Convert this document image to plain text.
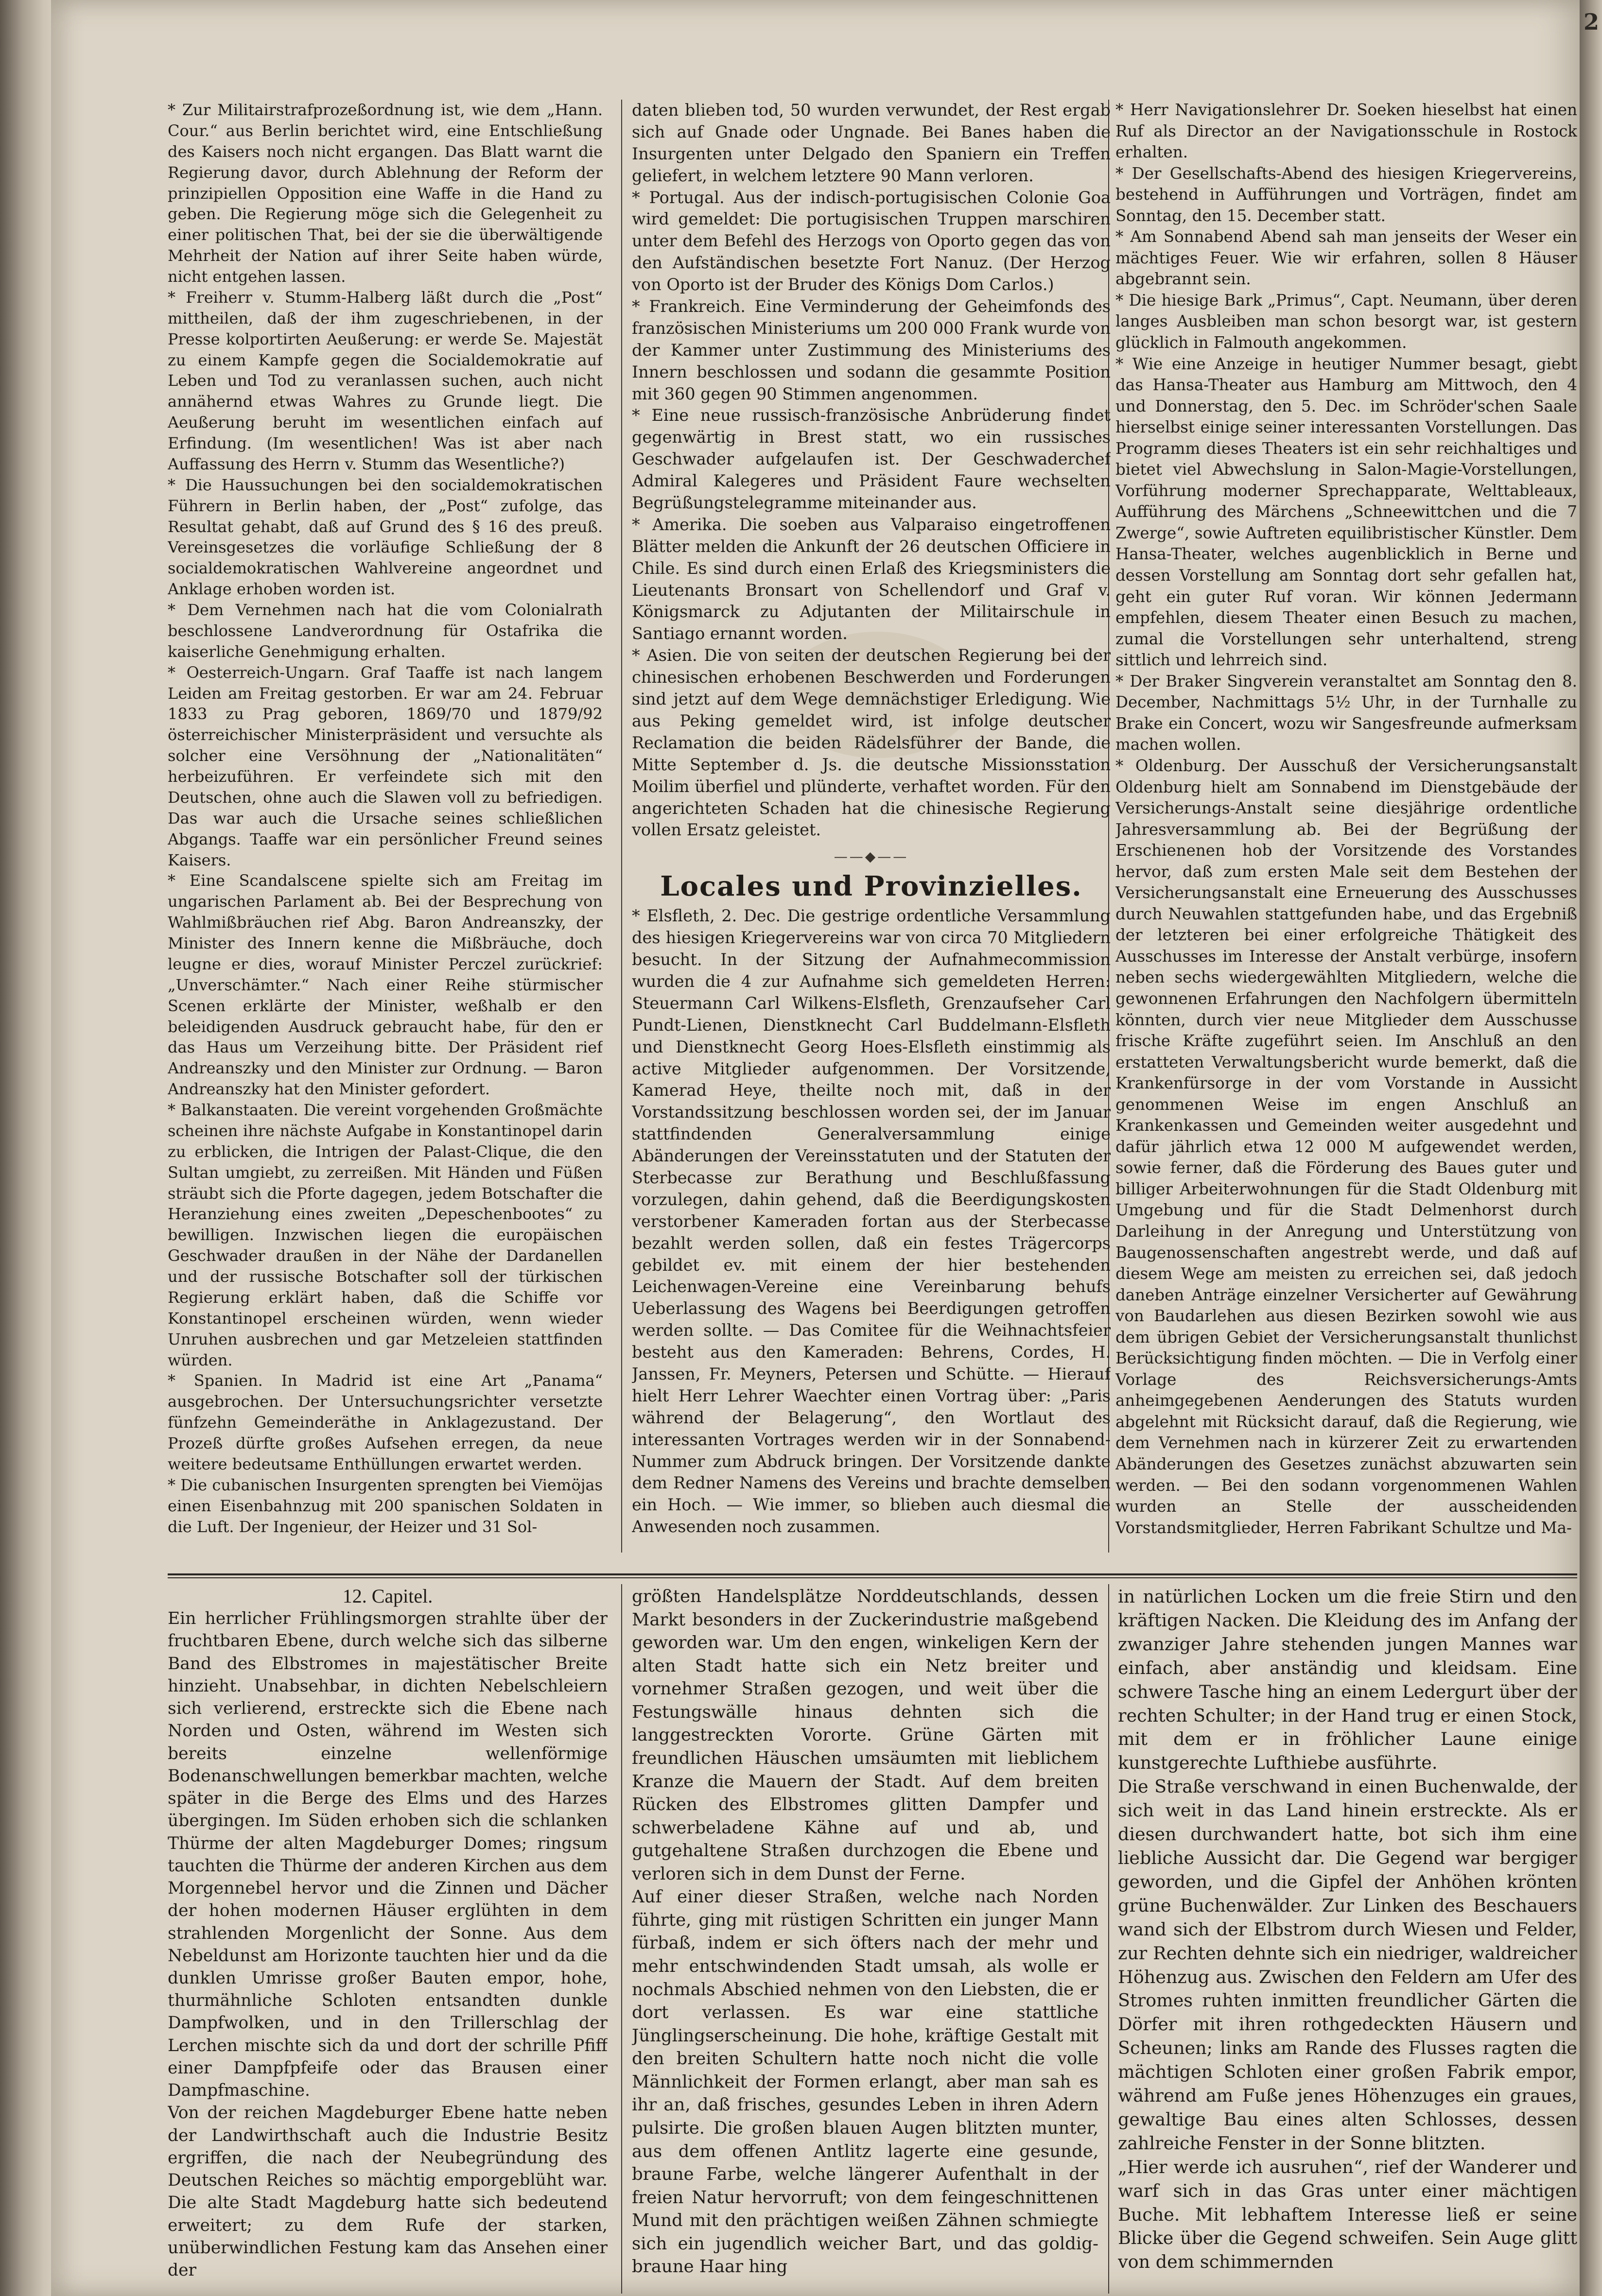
2

* Zur Militairstrafprozeßordnung ist, wie dem „Hann. Cour.“ aus Berlin berichtet wird, eine Entschließung des Kaisers noch nicht ergangen. Das Blatt warnt die Regierung davor, durch Ablehnung der Reform der prinzipiellen Opposition eine Waffe in die Hand zu geben. Die Regierung möge sich die Gelegenheit zu einer politischen That, bei der sie die überwältigende Mehrheit der Nation auf ihrer Seite haben würde, nicht entgehen lassen.

* Freiherr v. Stumm-Halberg läßt durch die „Post“ mittheilen, daß der ihm zugeschriebenen, in der Presse kolportirten Aeußerung: er werde Se. Majestät zu einem Kampfe gegen die Socialdemokratie auf Leben und Tod zu veranlassen suchen, auch nicht annähernd etwas Wahres zu Grunde liegt. Die Aeußerung beruht im wesentlichen einfach auf Erfindung. (Im wesentlichen! Was ist aber nach Auffassung des Herrn v. Stumm das Wesentliche?)

* Die Haussuchungen bei den socialdemokratischen Führern in Berlin haben, der „Post“ zufolge, das Resultat gehabt, daß auf Grund des § 16 des preuß. Vereinsgesetzes die vorläufige Schließung der 8 socialdemokratischen Wahlvereine angeordnet und Anklage erhoben worden ist.

* Dem Vernehmen nach hat die vom Colonialrath beschlossene Landverordnung für Ostafrika die kaiserliche Genehmigung erhalten.

* Oesterreich-Ungarn. Graf Taaffe ist nach langem Leiden am Freitag gestorben. Er war am 24. Februar 1833 zu Prag geboren, 1869/70 und 1879/92 österreichischer Ministerpräsident und versuchte als solcher eine Versöhnung der „Nationalitäten“ herbeizuführen. Er verfeindete sich mit den Deutschen, ohne auch die Slawen voll zu befriedigen. Das war auch die Ursache seines schließlichen Abgangs. Taaffe war ein persönlicher Freund seines Kaisers.

* Eine Scandalscene spielte sich am Freitag im ungarischen Parlament ab. Bei der Besprechung von Wahlmißbräuchen rief Abg. Baron Andreanszky, der Minister des Innern kenne die Mißbräuche, doch leugne er dies, worauf Minister Perczel zurückrief: „Unverschämter.“ Nach einer Reihe stürmischer Scenen erklärte der Minister, weßhalb er den beleidigenden Ausdruck gebraucht habe, für den er das Haus um Verzeihung bitte. Der Präsident rief Andreanszky und den Minister zur Ordnung. — Baron Andreanszky hat den Minister gefordert.

* Balkanstaaten. Die vereint vorgehenden Großmächte scheinen ihre nächste Aufgabe in Konstantinopel darin zu erblicken, die Intrigen der Palast-Clique, die den Sultan umgiebt, zu zerreißen. Mit Händen und Füßen sträubt sich die Pforte dagegen, jedem Botschafter die Heranziehung eines zweiten „Depeschenbootes“ zu bewilligen. Inzwischen liegen die europäischen Geschwader draußen in der Nähe der Dardanellen und der russische Botschafter soll der türkischen Regierung erklärt haben, daß die Schiffe vor Konstantinopel erscheinen würden, wenn wieder Unruhen ausbrechen und gar Metzeleien stattfinden würden.

* Spanien. In Madrid ist eine Art „Panama“ ausgebrochen. Der Untersuchungsrichter versetzte fünfzehn Gemeinderäthe in Anklagezustand. Der Prozeß dürfte großes Aufsehen erregen, da neue weitere bedeutsame Enthüllungen erwartet werden.

* Die cubanischen Insurgenten sprengten bei Viemöjas einen Eisenbahnzug mit 200 spanischen Soldaten in die Luft. Der Ingenieur, der Heizer und 31 Sol-

daten blieben tod, 50 wurden verwundet, der Rest ergab sich auf Gnade oder Ungnade. Bei Banes haben die Insurgenten unter Delgado den Spaniern ein Treffen geliefert, in welchem letztere 90 Mann verloren.

* Portugal. Aus der indisch-portugisischen Colonie Goa wird gemeldet: Die portugisischen Truppen marschiren unter dem Befehl des Herzogs von Oporto gegen das von den Aufständischen besetzte Fort Nanuz. (Der Herzog von Oporto ist der Bruder des Königs Dom Carlos.)

* Frankreich. Eine Verminderung der Geheimfonds des französischen Ministeriums um 200 000 Frank wurde von der Kammer unter Zustimmung des Ministeriums des Innern beschlossen und sodann die gesammte Position mit 360 gegen 90 Stimmen angenommen.

* Eine neue russisch-französische Anbrüderung findet gegenwärtig in Brest statt, wo ein russisches Geschwader aufgelaufen ist. Der Geschwaderchef Admiral Kalegeres und Präsident Faure wechselten Begrüßungstelegramme miteinander aus.

* Amerika. Die soeben aus Valparaiso eingetroffenen Blätter melden die Ankunft der 26 deutschen Officiere in Chile. Es sind durch einen Erlaß des Kriegsministers die Lieutenants Bronsart von Schellendorf und Graf v. Königsmarck zu Adjutanten der Militairschule in Santiago ernannt worden.

* Asien. Die von seiten der deutschen Regierung bei der chinesischen erhobenen Beschwerden und Forderungen sind jetzt auf dem Wege demnächstiger Erledigung. Wie aus Peking gemeldet wird, ist infolge deutscher Reclamation die beiden Rädelsführer der Bande, die Mitte September d. Js. die deutsche Missionsstation Moilim überfiel und plünderte, verhaftet worden. Für den angerichteten Schaden hat die chinesische Regierung vollen Ersatz geleistet.

——◆——

Locales und Provinzielles.

* Elsfleth, 2. Dec. Die gestrige ordentliche Versammlung des hiesigen Kriegervereins war von circa 70 Mitgliedern besucht. In der Sitzung der Aufnahmecommission wurden die 4 zur Aufnahme sich gemeldeten Herren: Steuermann Carl Wilkens-Elsfleth, Grenzaufseher Carl Pundt-Lienen, Dienstknecht Carl Buddelmann-Elsfleth und Dienstknecht Georg Hoes-Elsfleth einstimmig als active Mitglieder aufgenommen. Der Vorsitzende, Kamerad Heye, theilte noch mit, daß in der Vorstandssitzung beschlossen worden sei, der im Januar stattfindenden Generalversammlung einige Abänderungen der Vereinsstatuten und der Statuten der Sterbecasse zur Berathung und Beschlußfassung vorzulegen, dahin gehend, daß die Beerdigungskosten verstorbener Kameraden fortan aus der Sterbecasse bezahlt werden sollen, daß ein festes Trägercorps gebildet ev. mit einem der hier bestehenden Leichenwagen-Vereine eine Vereinbarung behufs Ueberlassung des Wagens bei Beerdigungen getroffen werden sollte. — Das Comitee für die Weihnachtsfeier besteht aus den Kameraden: Behrens, Cordes, H. Janssen, Fr. Meyners, Petersen und Schütte. — Hierauf hielt Herr Lehrer Waechter einen Vortrag über: „Paris während der Belagerung“, den Wortlaut des interessanten Vortrages werden wir in der Sonnabend-Nummer zum Abdruck bringen. Der Vorsitzende dankte dem Redner Namens des Vereins und brachte demselben ein Hoch. — Wie immer, so blieben auch diesmal die Anwesenden noch zusammen.

* Herr Navigationslehrer Dr. Soeken hieselbst hat einen Ruf als Director an der Navigationsschule in Rostock erhalten.

* Der Gesellschafts-Abend des hiesigen Kriegervereins, bestehend in Aufführungen und Vorträgen, findet am Sonntag, den 15. December statt.

* Am Sonnabend Abend sah man jenseits der Weser ein mächtiges Feuer. Wie wir erfahren, sollen 8 Häuser abgebrannt sein.

* Die hiesige Bark „Primus“, Capt. Neumann, über deren langes Ausbleiben man schon besorgt war, ist gestern glücklich in Falmouth angekommen.

* Wie eine Anzeige in heutiger Nummer besagt, giebt das Hansa-Theater aus Hamburg am Mittwoch, den 4 und Donnerstag, den 5. Dec. im Schröder'schen Saale hierselbst einige seiner interessanten Vorstellungen. Das Programm dieses Theaters ist ein sehr reichhaltiges und bietet viel Abwechslung in Salon-Magie-Vorstellungen, Vorführung moderner Sprechapparate, Welttableaux, Aufführung des Märchens „Schneewittchen und die 7 Zwerge“, sowie Auftreten equilibristischer Künstler. Dem Hansa-Theater, welches augenblicklich in Berne und dessen Vorstellung am Sonntag dort sehr gefallen hat, geht ein guter Ruf voran. Wir können Jedermann empfehlen, diesem Theater einen Besuch zu machen, zumal die Vorstellungen sehr unterhaltend, streng sittlich und lehrreich sind.

* Der Braker Singverein veranstaltet am Sonntag den 8. December, Nachmittags 5½ Uhr, in der Turnhalle zu Brake ein Concert, wozu wir Sangesfreunde aufmerksam machen wollen.

* Oldenburg. Der Ausschuß der Versicherungsanstalt Oldenburg hielt am Sonnabend im Dienstgebäude der Versicherungs-Anstalt seine diesjährige ordentliche Jahresversammlung ab. Bei der Begrüßung der Erschienenen hob der Vorsitzende des Vorstandes hervor, daß zum ersten Male seit dem Bestehen der Versicherungsanstalt eine Erneuerung des Ausschusses durch Neuwahlen stattgefunden habe, und das Ergebniß der letzteren bei einer erfolgreiche Thätigkeit des Ausschusses im Interesse der Anstalt verbürge, insofern neben sechs wiedergewählten Mitgliedern, welche die gewonnenen Erfahrungen den Nachfolgern übermitteln könnten, durch vier neue Mitglieder dem Ausschusse frische Kräfte zugeführt seien. Im Anschluß an den erstatteten Verwaltungsbericht wurde bemerkt, daß die Krankenfürsorge in der vom Vorstande in Aussicht genommenen Weise im engen Anschluß an Krankenkassen und Gemeinden weiter ausgedehnt und dafür jährlich etwa 12 000 M aufgewendet werden, sowie ferner, daß die Förderung des Baues guter und billiger Arbeiterwohnungen für die Stadt Oldenburg mit Umgebung und für die Stadt Delmenhorst durch Darleihung in der Anregung und Unterstützung von Baugenossenschaften angestrebt werde, und daß auf diesem Wege am meisten zu erreichen sei, daß jedoch daneben Anträge einzelner Versicherter auf Gewährung von Baudarlehen aus diesen Bezirken sowohl wie aus dem übrigen Gebiet der Versicherungsanstalt thunlichst Berücksichtigung finden möchten. — Die in Verfolg einer Vorlage des Reichsversicherungs-Amts anheimgegebenen Aenderungen des Statuts wurden abgelehnt mit Rücksicht darauf, daß die Regierung, wie dem Vernehmen nach in kürzerer Zeit zu erwartenden Abänderungen des Gesetzes zunächst abzuwarten sein werden. — Bei den sodann vorgenommenen Wahlen wurden an Stelle der ausscheidenden Vorstandsmitglieder, Herren Fabrikant Schultze und Ma-

12. Capitel.

Ein herrlicher Frühlingsmorgen strahlte über der fruchtbaren Ebene, durch welche sich das silberne Band des Elbstromes in majestätischer Breite hinzieht. Unabsehbar, in dichten Nebelschleiern sich verlierend, erstreckte sich die Ebene nach Norden und Osten, während im Westen sich bereits einzelne wellenförmige Bodenanschwellungen bemerkbar machten, welche später in die Berge des Elms und des Harzes übergingen. Im Süden erhoben sich die schlanken Thürme der alten Magdeburger Domes; ringsum tauchten die Thürme der anderen Kirchen aus dem Morgennebel hervor und die Zinnen und Dächer der hohen modernen Häuser erglühten in dem strahlenden Morgenlicht der Sonne. Aus dem Nebeldunst am Horizonte tauchten hier und da die dunklen Umrisse großer Bauten empor, hohe, thurmähnliche Schloten entsandten dunkle Dampfwolken, und in den Trillerschlag der Lerchen mischte sich da und dort der schrille Pfiff einer Dampfpfeife oder das Brausen einer Dampfmaschine.

Von der reichen Magdeburger Ebene hatte neben der Landwirthschaft auch die Industrie Besitz ergriffen, die nach der Neubegründung des Deutschen Reiches so mächtig emporgeblüht war. Die alte Stadt Magdeburg hatte sich bedeutend erweitert; zu dem Rufe der starken, unüberwindlichen Festung kam das Ansehen einer der

größten Handelsplätze Norddeutschlands, dessen Markt besonders in der Zuckerindustrie maßgebend geworden war. Um den engen, winkeligen Kern der alten Stadt hatte sich ein Netz breiter und vornehmer Straßen gezogen, und weit über die Festungswälle hinaus dehnten sich die langgestreckten Vororte. Grüne Gärten mit freundlichen Häuschen umsäumten mit lieblichem Kranze die Mauern der Stadt. Auf dem breiten Rücken des Elbstromes glitten Dampfer und schwerbeladene Kähne auf und ab, und gutgehaltene Straßen durchzogen die Ebene und verloren sich in dem Dunst der Ferne.

Auf einer dieser Straßen, welche nach Norden führte, ging mit rüstigen Schritten ein junger Mann fürbaß, indem er sich öfters nach der mehr und mehr entschwindenden Stadt umsah, als wolle er nochmals Abschied nehmen von den Liebsten, die er dort verlassen. Es war eine stattliche Jünglingserscheinung. Die hohe, kräftige Gestalt mit den breiten Schultern hatte noch nicht die volle Männlichkeit der Formen erlangt, aber man sah es ihr an, daß frisches, gesundes Leben in ihren Adern pulsirte. Die großen blauen Augen blitzten munter, aus dem offenen Antlitz lagerte eine gesunde, braune Farbe, welche längerer Aufenthalt in der freien Natur hervorruft; von dem feingeschnittenen Mund mit den prächtigen weißen Zähnen schmiegte sich ein jugendlich weicher Bart, und das goldig-braune Haar hing

in natürlichen Locken um die freie Stirn und den kräftigen Nacken. Die Kleidung des im Anfang der zwanziger Jahre stehenden jungen Mannes war einfach, aber anständig und kleidsam. Eine schwere Tasche hing an einem Ledergurt über der rechten Schulter; in der Hand trug er einen Stock, mit dem er in fröhlicher Laune einige kunstgerechte Lufthiebe ausführte.

Die Straße verschwand in einen Buchenwalde, der sich weit in das Land hinein erstreckte. Als er diesen durchwandert hatte, bot sich ihm eine liebliche Aussicht dar. Die Gegend war bergiger geworden, und die Gipfel der Anhöhen krönten grüne Buchenwälder. Zur Linken des Beschauers wand sich der Elbstrom durch Wiesen und Felder, zur Rechten dehnte sich ein niedriger, waldreicher Höhenzug aus. Zwischen den Feldern am Ufer des Stromes ruhten inmitten freundlicher Gärten die Dörfer mit ihren rothgedeckten Häusern und Scheunen; links am Rande des Flusses ragten die mächtigen Schloten einer großen Fabrik empor, während am Fuße jenes Höhenzuges ein graues, gewaltige Bau eines alten Schlosses, dessen zahlreiche Fenster in der Sonne blitzten.

„Hier werde ich ausruhen“, rief der Wanderer und warf sich in das Gras unter einer mächtigen Buche. Mit lebhaftem Interesse ließ er seine Blicke über die Gegend schweifen. Sein Auge glitt von dem schimmernden
